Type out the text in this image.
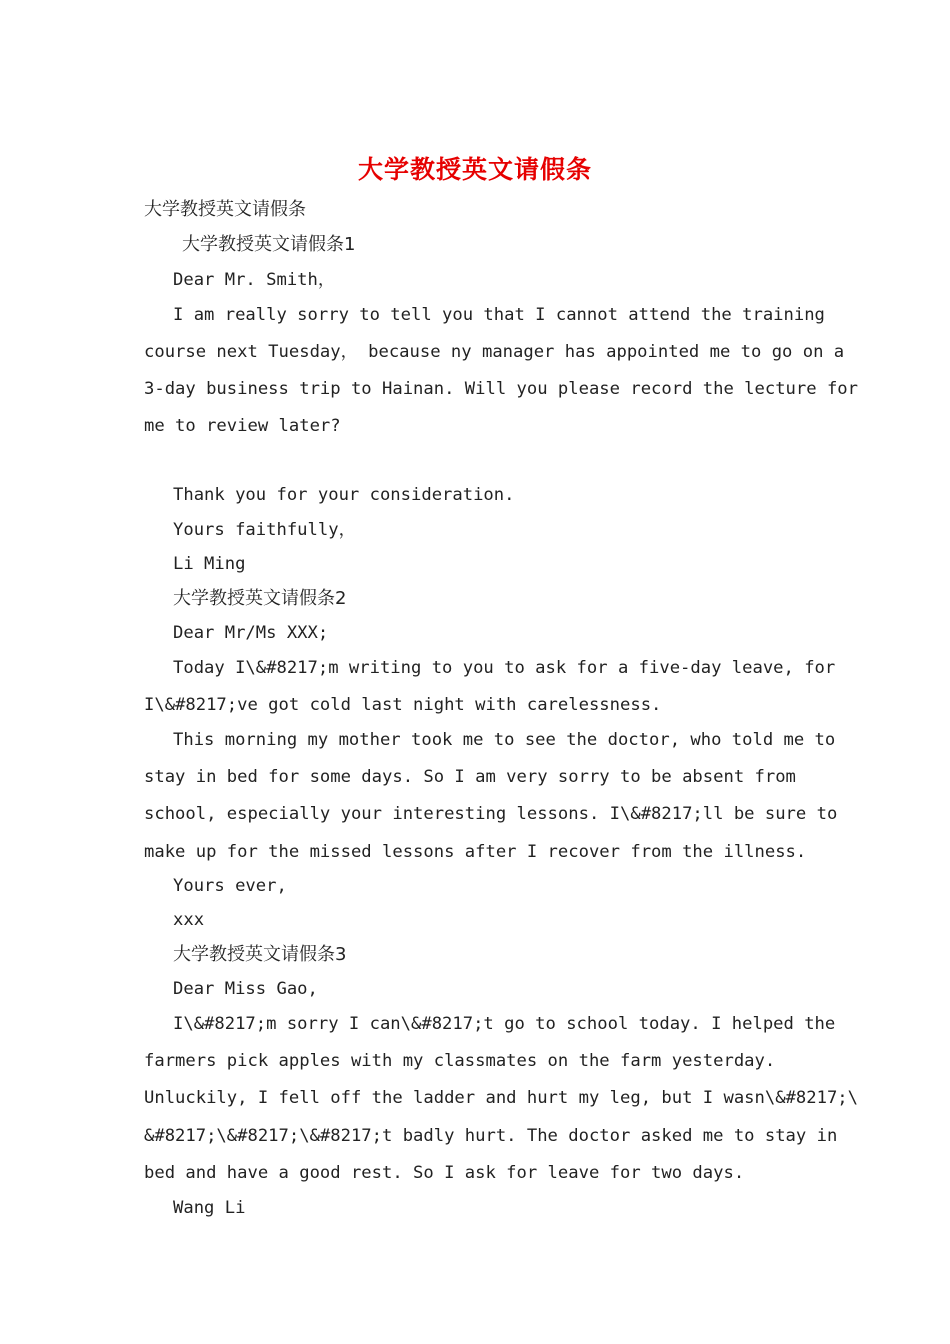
大学教授英文请假条
大学教授英文请假条
大学教授英文请假条1
Dear Mr. Smith，
I am really sorry to tell you that I cannot attend the training
course next Tuesday， because ny manager has appointed me to go on a
3-day business trip to Hainan. Will you please record the lecture for
me to review later?
Thank you for your consideration.
Yours faithfully，
Li Ming
大学教授英文请假条2
Dear Mr/Ms XXX;
Today I\&#8217;m writing to you to ask for a five-day leave, for
I\&#8217;ve got cold last night with carelessness.
This morning my mother took me to see the doctor, who told me to
stay in bed for some days. So I am very sorry to be absent from
school, especially your interesting lessons. I\&#8217;ll be sure to
make up for the missed lessons after I recover from the illness.
Yours ever,
xxx
大学教授英文请假条3
Dear Miss Gao,
I\&#8217;m sorry I can\&#8217;t go to school today. I helped the
farmers pick apples with my classmates on the farm yesterday.
Unluckily, I fell off the ladder and hurt my leg, but I wasn\&#8217;\
&#8217;\&#8217;\&#8217;t badly hurt. The doctor asked me to stay in
bed and have a good rest. So I ask for leave for two days.
Wang Li
